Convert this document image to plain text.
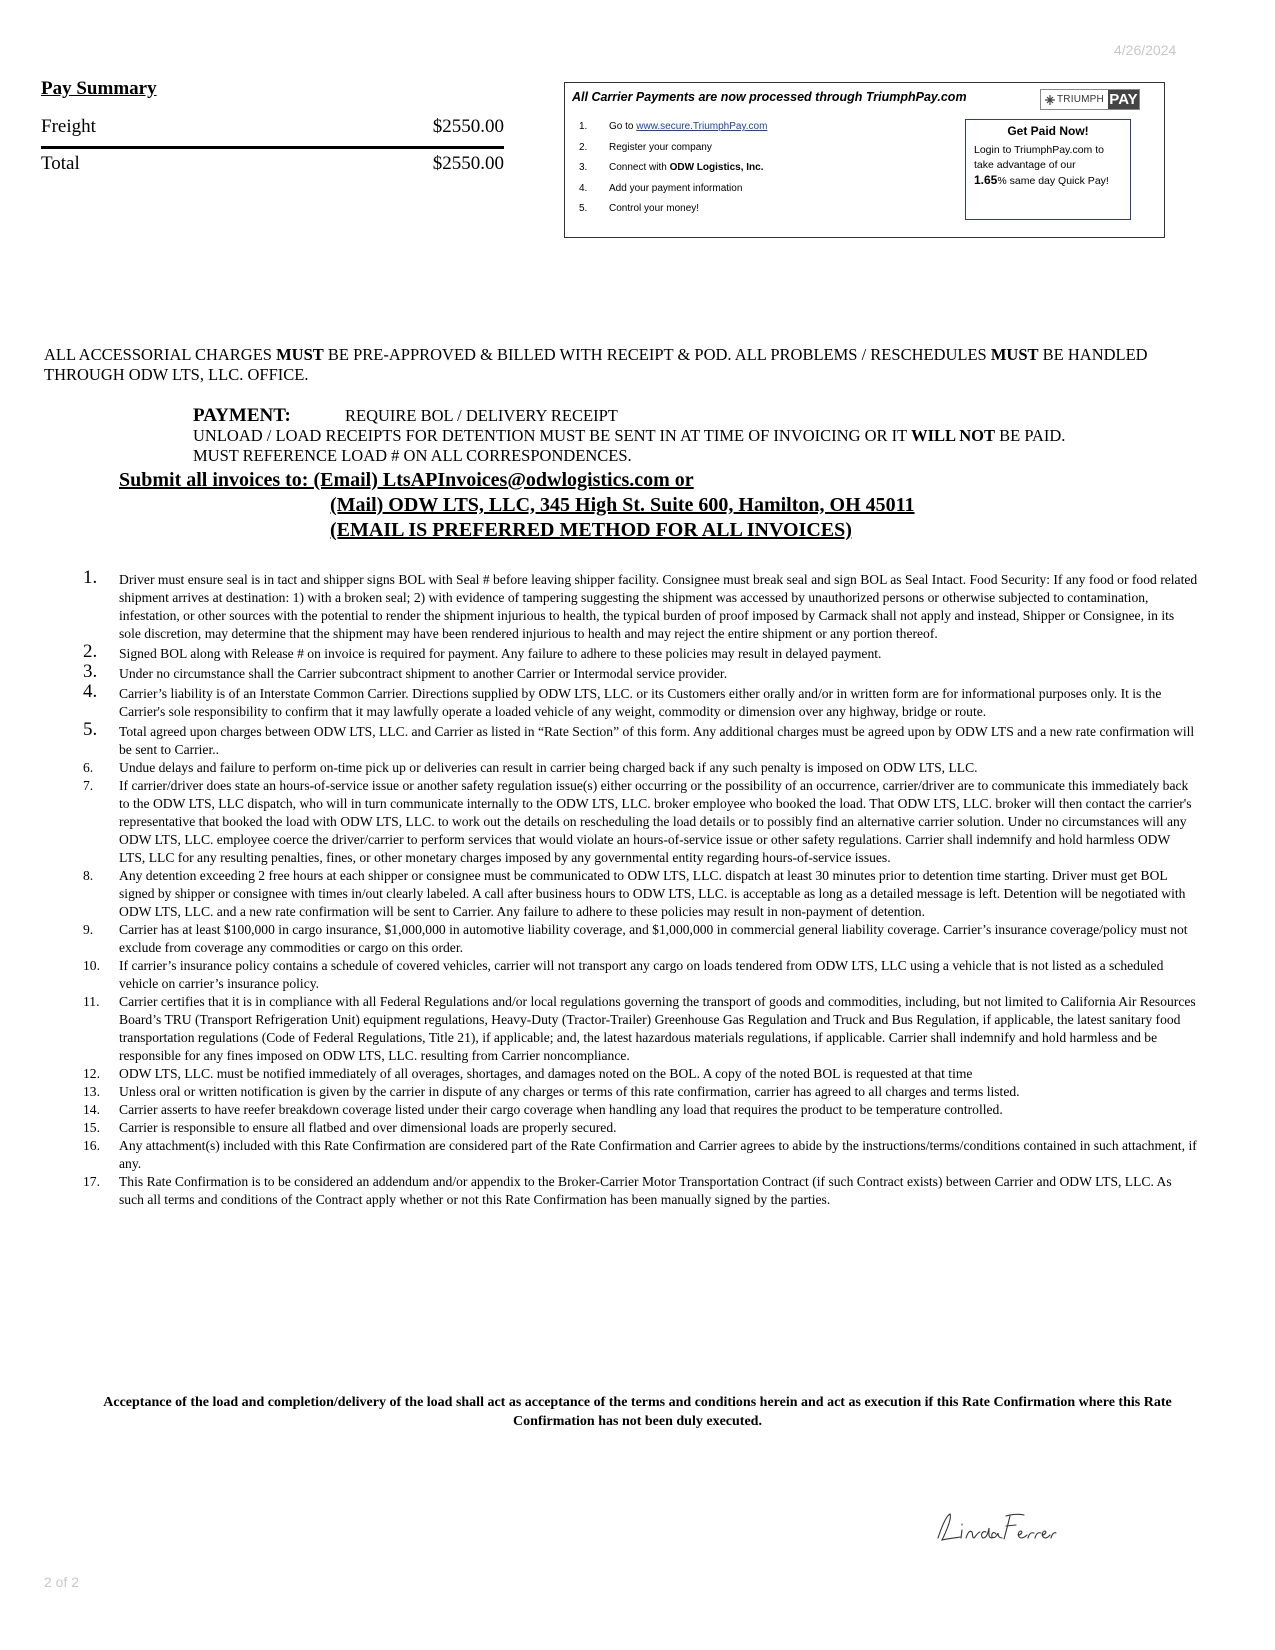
4/26/2024
Pay Summary
Freight	$2550.00
Total	$2550.00
All Carrier Payments are now processed through TriumphPay.com	TRIUMPH PAY
1.	Go to www.secure.TriumphPay.com
2.	Register your company
3.	Connect with ODW Logistics, Inc.
4.	Add your payment information
5.	Control your money!
Get Paid Now!
Login to TriumphPay.com to
take advantage of our
1.65% same day Quick Pay!
ALL ACCESSORIAL CHARGES MUST BE PRE-APPROVED & BILLED WITH RECEIPT & POD. ALL PROBLEMS / RESCHEDULES MUST BE HANDLED THROUGH ODW LTS, LLC. OFFICE.
PAYMENT:	REQUIRE BOL / DELIVERY RECEIPT
UNLOAD / LOAD RECEIPTS FOR DETENTION MUST BE SENT IN AT TIME OF INVOICING OR IT WILL NOT BE PAID.
MUST REFERENCE LOAD # ON ALL CORRESPONDENCES.
Submit all invoices to: (Email) LtsAPInvoices@odwlogistics.com or
(Mail) ODW LTS, LLC, 345 High St. Suite 600, Hamilton, OH 45011
(EMAIL IS PREFERRED METHOD FOR ALL INVOICES)
1. Driver must ensure seal is in tact and shipper signs BOL with Seal # before leaving shipper facility. Consignee must break seal and sign BOL as Seal Intact. Food Security: If any food or food related shipment arrives at destination: 1) with a broken seal; 2) with evidence of tampering suggesting the shipment was accessed by unauthorized persons or otherwise subjected to contamination, infestation, or other sources with the potential to render the shipment injurious to health, the typical burden of proof imposed by Carmack shall not apply and instead, Shipper or Consignee, in its sole discretion, may determine that the shipment may have been rendered injurious to health and may reject the entire shipment or any portion thereof.
2. Signed BOL along with Release # on invoice is required for payment. Any failure to adhere to these policies may result in delayed payment.
3. Under no circumstance shall the Carrier subcontract shipment to another Carrier or Intermodal service provider.
4. Carrier’s liability is of an Interstate Common Carrier. Directions supplied by ODW LTS, LLC. or its Customers either orally and/or in written form are for informational purposes only. It is the Carrier's sole responsibility to confirm that it may lawfully operate a loaded vehicle of any weight, commodity or dimension over any highway, bridge or route.
5. Total agreed upon charges between ODW LTS, LLC. and Carrier as listed in “Rate Section” of this form. Any additional charges must be agreed upon by ODW LTS and a new rate confirmation will be sent to Carrier..
6. Undue delays and failure to perform on-time pick up or deliveries can result in carrier being charged back if any such penalty is imposed on ODW LTS, LLC.
7. If carrier/driver does state an hours-of-service issue or another safety regulation issue(s) either occurring or the possibility of an occurrence, carrier/driver are to communicate this immediately back to the ODW LTS, LLC dispatch, who will in turn communicate internally to the ODW LTS, LLC. broker employee who booked the load. That ODW LTS, LLC. broker will then contact the carrier's representative that booked the load with ODW LTS, LLC. to work out the details on rescheduling the load details or to possibly find an alternative carrier solution. Under no circumstances will any ODW LTS, LLC. employee coerce the driver/carrier to perform services that would violate an hours-of-service issue or other safety regulations. Carrier shall indemnify and hold harmless ODW LTS, LLC for any resulting penalties, fines, or other monetary charges imposed by any governmental entity regarding hours-of-service issues.
8. Any detention exceeding 2 free hours at each shipper or consignee must be communicated to ODW LTS, LLC. dispatch at least 30 minutes prior to detention time starting. Driver must get BOL signed by shipper or consignee with times in/out clearly labeled. A call after business hours to ODW LTS, LLC. is acceptable as long as a detailed message is left. Detention will be negotiated with ODW LTS, LLC. and a new rate confirmation will be sent to Carrier. Any failure to adhere to these policies may result in non-payment of detention.
9. Carrier has at least $100,000 in cargo insurance, $1,000,000 in automotive liability coverage, and $1,000,000 in commercial general liability coverage. Carrier’s insurance coverage/policy must not exclude from coverage any commodities or cargo on this order.
10. If carrier’s insurance policy contains a schedule of covered vehicles, carrier will not transport any cargo on loads tendered from ODW LTS, LLC using a vehicle that is not listed as a scheduled vehicle on carrier’s insurance policy.
11. Carrier certifies that it is in compliance with all Federal Regulations and/or local regulations governing the transport of goods and commodities, including, but not limited to California Air Resources Board’s TRU (Transport Refrigeration Unit) equipment regulations, Heavy-Duty (Tractor-Trailer) Greenhouse Gas Regulation and Truck and Bus Regulation, if applicable, the latest sanitary food transportation regulations (Code of Federal Regulations, Title 21), if applicable; and, the latest hazardous materials regulations, if applicable. Carrier shall indemnify and hold harmless and be responsible for any fines imposed on ODW LTS, LLC. resulting from Carrier noncompliance.
12. ODW LTS, LLC. must be notified immediately of all overages, shortages, and damages noted on the BOL. A copy of the noted BOL is requested at that time
13. Unless oral or written notification is given by the carrier in dispute of any charges or terms of this rate confirmation, carrier has agreed to all charges and terms listed.
14. Carrier asserts to have reefer breakdown coverage listed under their cargo coverage when handling any load that requires the product to be temperature controlled.
15. Carrier is responsible to ensure all flatbed and over dimensional loads are properly secured.
16. Any attachment(s) included with this Rate Confirmation are considered part of the Rate Confirmation and Carrier agrees to abide by the instructions/terms/conditions contained in such attachment, if any.
17. This Rate Confirmation is to be considered an addendum and/or appendix to the Broker-Carrier Motor Transportation Contract (if such Contract exists) between Carrier and ODW LTS, LLC. As such all terms and conditions of the Contract apply whether or not this Rate Confirmation has been manually signed by the parties.
Acceptance of the load and completion/delivery of the load shall act as acceptance of the terms and conditions herein and act as execution if this Rate Confirmation where this Rate Confirmation has not been duly executed.
2 of 2
